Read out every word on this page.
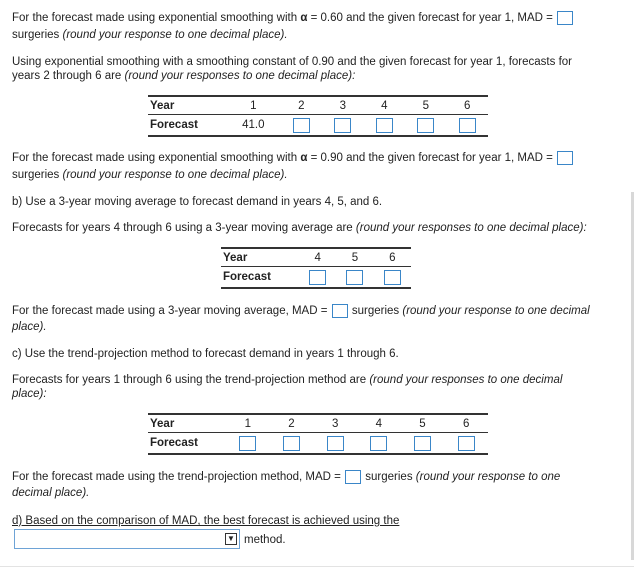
For the forecast made using exponential smoothing with α = 0.60 and the given forecast for year 1, MAD =
surgeries (round your response to one decimal place).
Using exponential smoothing with a smoothing constant of 0.90 and the given forecast for year 1, forecasts for
years 2 through 6 are (round your responses to one decimal place):
Year	1	2	3	4	5	6
Forecast	41.0					
For the forecast made using exponential smoothing with α = 0.90 and the given forecast for year 1, MAD =
surgeries (round your response to one decimal place).
b) Use a 3-year moving average to forecast demand in years 4, 5, and 6.
Forecasts for years 4 through 6 using a 3-year moving average are (round your responses to one decimal place):
Year	4	5	6
Forecast			
For the forecast made using a 3-year moving average, MAD = surgeries (round your response to one decimal
place).
c) Use the trend-projection method to forecast demand in years 1 through 6.
Forecasts for years 1 through 6 using the trend-projection method are (round your responses to one decimal
place):
Year	1	2	3	4	5	6
Forecast						
For the forecast made using the trend-projection method, MAD = surgeries (round your response to one
decimal place).
d) Based on the comparison of MAD, the best forecast is achieved using the
▼ method.
